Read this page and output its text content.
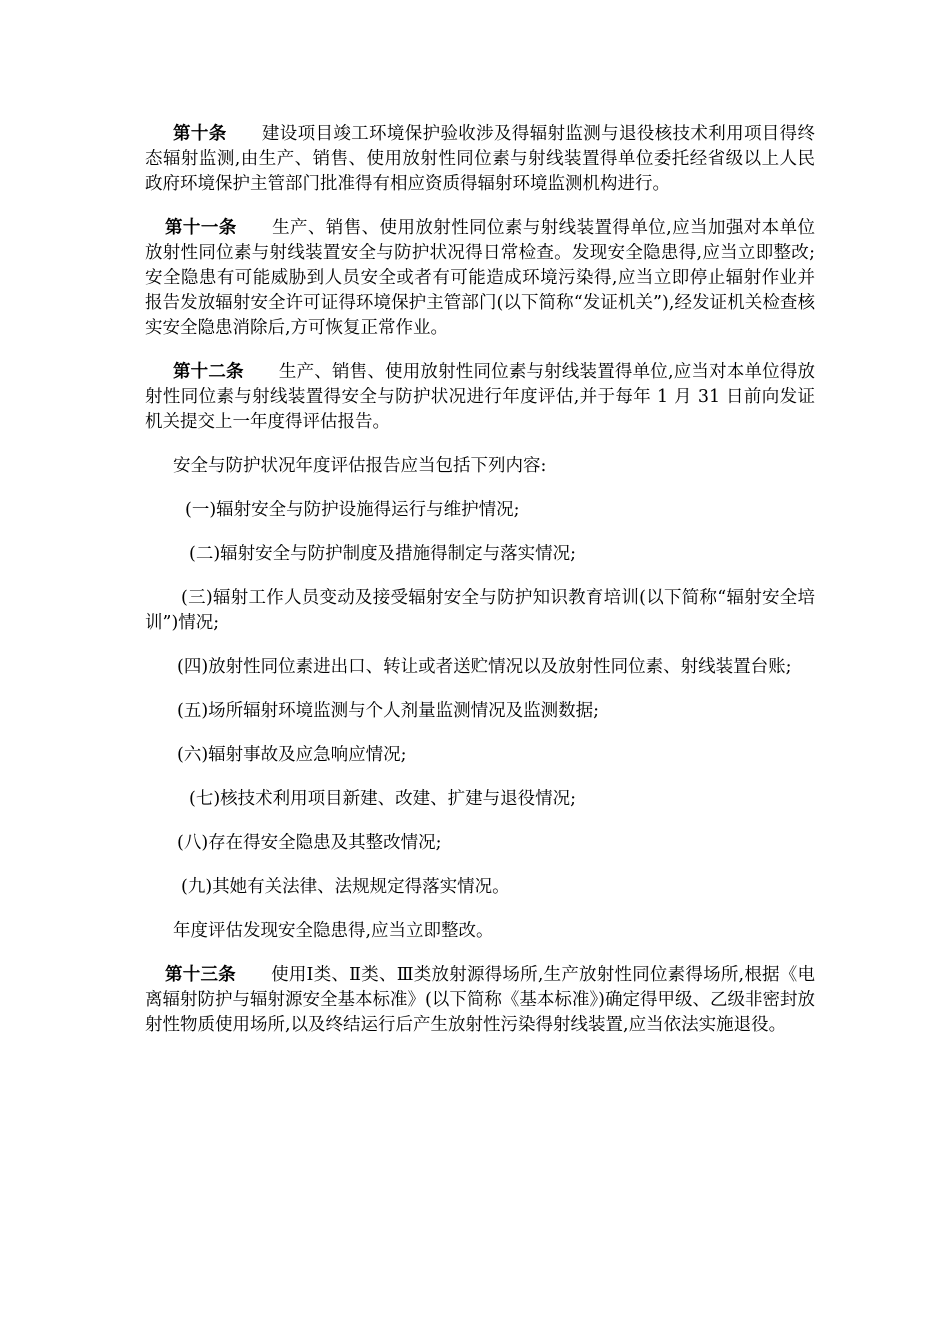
第十条   建设项目竣工环境保护验收涉及得辐射监测与退役核技术利用项目得终态辐射监测,由生产、销售、使用放射性同位素与射线装置得单位委托经省级以上人民政府环境保护主管部门批准得有相应资质得辐射环境监测机构进行。

第十一条   生产、销售、使用放射性同位素与射线装置得单位,应当加强对本单位放射性同位素与射线装置安全与防护状况得日常检查。发现安全隐患得,应当立即整改;安全隐患有可能威胁到人员安全或者有可能造成环境污染得,应当立即停止辐射作业并报告发放辐射安全许可证得环境保护主管部门(以下简称“发证机关”),经发证机关检查核实安全隐患消除后,方可恢复正常作业。

第十二条   生产、销售、使用放射性同位素与射线装置得单位,应当对本单位得放射性同位素与射线装置得安全与防护状况进行年度评估,并于每年 1 月 31 日前向发证机关提交上一年度得评估报告。

安全与防护状况年度评估报告应当包括下列内容:

(一)辐射安全与防护设施得运行与维护情况;

(二)辐射安全与防护制度及措施得制定与落实情况;

(三)辐射工作人员变动及接受辐射安全与防护知识教育培训(以下简称“辐射安全培训”)情况;

(四)放射性同位素进出口、转让或者送贮情况以及放射性同位素、射线装置台账;

(五)场所辐射环境监测与个人剂量监测情况及监测数据;

(六)辐射事故及应急响应情况;

(七)核技术利用项目新建、改建、扩建与退役情况;

(八)存在得安全隐患及其整改情况;

(九)其她有关法律、法规规定得落实情况。

年度评估发现安全隐患得,应当立即整改。

第十三条   使用Ⅰ类、Ⅱ类、Ⅲ类放射源得场所,生产放射性同位素得场所,根据《电离辐射防护与辐射源安全基本标准》(以下简称《基本标准》)确定得甲级、乙级非密封放射性物质使用场所,以及终结运行后产生放射性污染得射线装置,应当依法实施退役。
